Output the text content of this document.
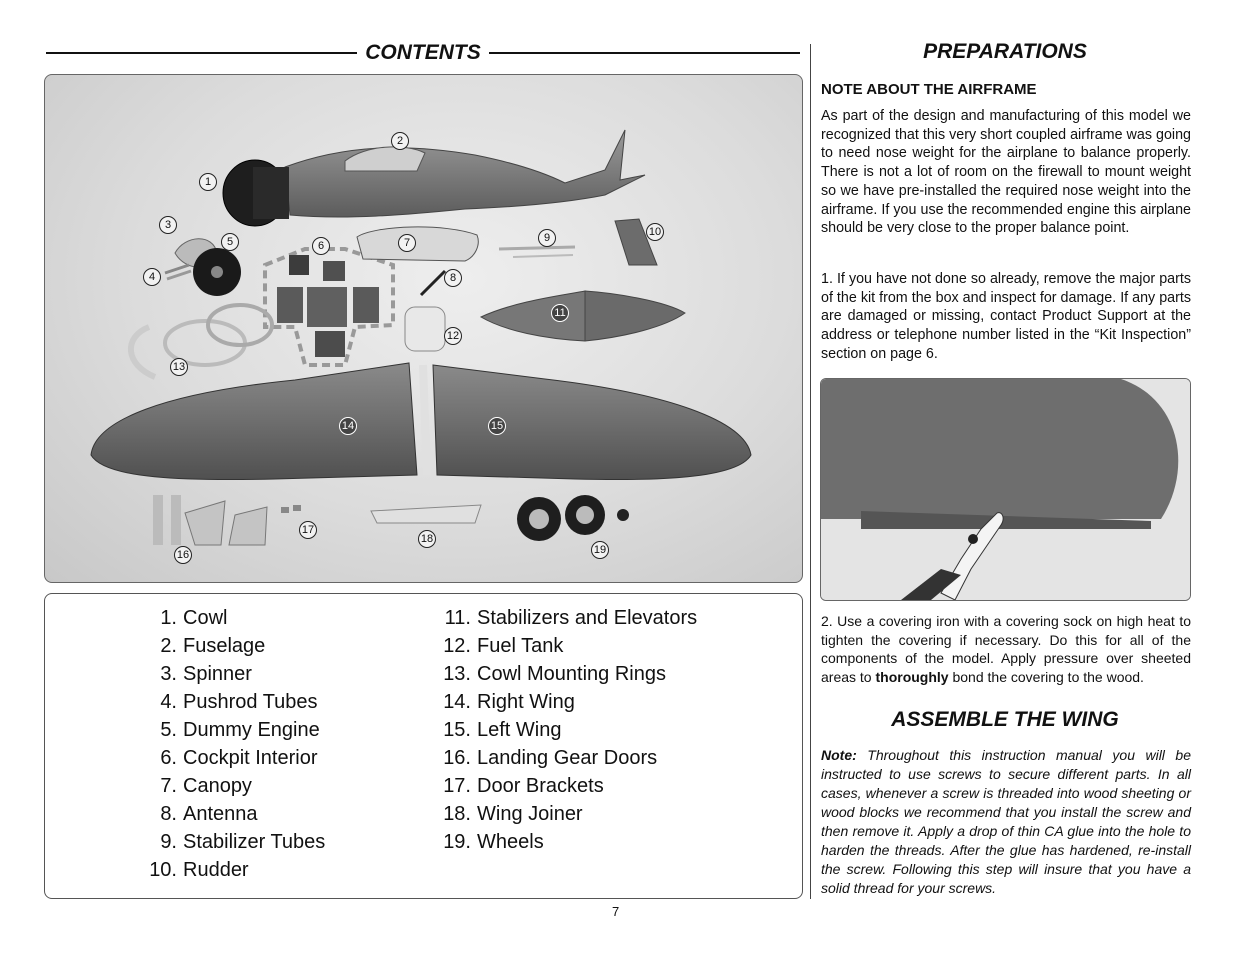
CONTENTS
1
2
3
4
5	6	7
8
9	10
11
12
13
14	15
16
17
18
19
1. Cowl
2. Fuselage
3. Spinner
4. Pushrod Tubes
5. Dummy Engine
6. Cockpit Interior
7. Canopy
8. Antenna
9. Stabilizer Tubes
10. Rudder
11. Stabilizers and Elevators
12. Fuel Tank
13. Cowl Mounting Rings
14. Right Wing
15. Left Wing
16. Landing Gear Doors
17. Door Brackets
18. Wing Joiner
19. Wheels
7
PREPARATIONS
NOTE ABOUT THE AIRFRAME

As part of the design and manufacturing of this model we recognized that this very short coupled airframe was going to need nose weight for the airplane to balance properly. There is not a lot of room on the firewall to mount weight so we have pre-installed the required nose weight into the airframe. If you use the recommended engine this airplane should be very close to the proper balance point.

1. If you have not done so already, remove the major parts of the kit from the box and inspect for damage. If any parts are damaged or missing, contact Product Support at the address or telephone number listed in the “Kit Inspection” section on page 6.

2. Use a covering iron with a covering sock on high heat to tighten the covering if necessary. Do this for all of the components of the model. Apply pressure over sheeted areas to thoroughly bond the covering to the wood.

ASSEMBLE THE WING

Note: Throughout this instruction manual you will be instructed to use screws to secure different parts. In all cases, whenever a screw is threaded into wood sheeting or wood blocks we recommend that you install the screw and then remove it. Apply a drop of thin CA glue into the hole to harden the threads. After the glue has hardened, re-install the screw. Following this step will insure that you have a solid thread for your screws.
